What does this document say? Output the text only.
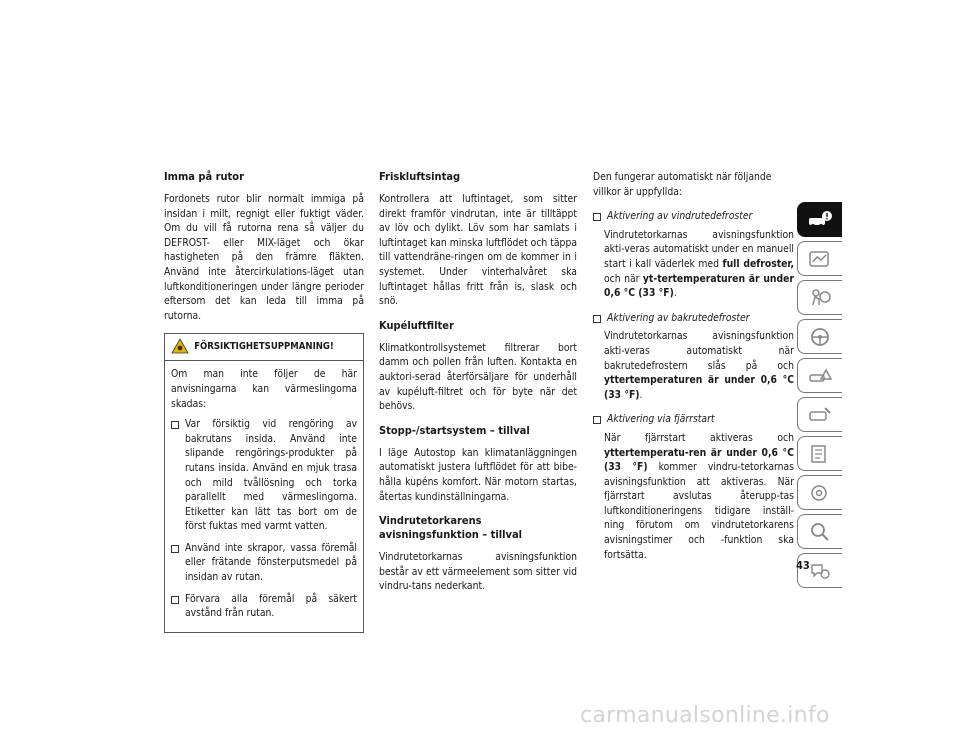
Imma på rutor

Fordonets rutor blir normalt immiga på insidan i milt, regnigt eller fuktigt väder. Om du vill få rutorna rena så väljer du DEFROST- eller MIX-läget och ökar hastigheten på den främre fläkten. Använd inte återcirkulations-läget utan luftkonditioneringen under längre perioder eftersom det kan leda till imma på rutorna.

FÖRSIKTIGHETSUPPMANING!

Om man inte följer de här anvisningarna kan värmeslingorna skadas:

Var försiktig vid rengöring av bakrutans insida. Använd inte slipande rengörings-produkter på rutans insida. Använd en mjuk trasa och mild tvållösning och torka parallellt med värmeslingorna. Etiketter kan lätt tas bort om de först fuktas med varmt vatten.
Använd inte skrapor, vassa föremål eller frätande fönsterputsmedel på insidan av rutan.
Förvara alla föremål på säkert avstånd från rutan.
Friskluftsintag

Kontrollera att luftintaget, som sitter direkt framför vindrutan, inte är tilltäppt av löv och dylikt. Löv som har samlats i luftintaget kan minska luftflödet och täppa till vattendräne-ringen om de kommer in i systemet. Under vinterhalvåret ska luftintaget hållas fritt från is, slask och snö.

Kupéluftfilter

Klimatkontrollsystemet filtrerar bort damm och pollen från luften. Kontakta en auktori-serad återförsäljare för underhåll av kupéluft-filtret och för byte när det behövs.

Stopp-/startsystem – tillval

I läge Autostop kan klimatanläggningen automatiskt justera luftflödet för att bibe-hålla kupéns komfort. När motorn startas, återtas kundinställningarna.

Vindrutetorkarens avisningsfunktion – tillval

Vindrutetorkarnas avisningsfunktion består av ett värmeelement som sitter vid vindru-tans nederkant.

Den fungerar automatiskt när följande villkor är uppfyllda:

Aktivering av vindrutedefroster
Vindrutetorkarnas avisningsfunktion akti-veras automatiskt under en manuell start i kall väderlek med full defroster, och när yt-tertemperaturen är under 0,6 °C (33 °F).
Aktivering av bakrutedefroster
Vindrutetorkarnas avisningsfunktion akti-veras automatiskt när bakrutedefrostern slås på och yttertemperaturen är under 0,6 °C (33 °F).
Aktivering via fjärrstart
När fjärrstart aktiveras och yttertemperatu-ren är under 0,6 °C (33 °F) kommer vindru-tetorkarnas avisningsfunktion att aktiveras. När fjärrstart avslutas återupp-tas luftkonditioneringens tidigare inställ-ning förutom om vindrutetorkarens avisningstimer och -funktion ska fortsätta.
43
carmanualsonline.info
